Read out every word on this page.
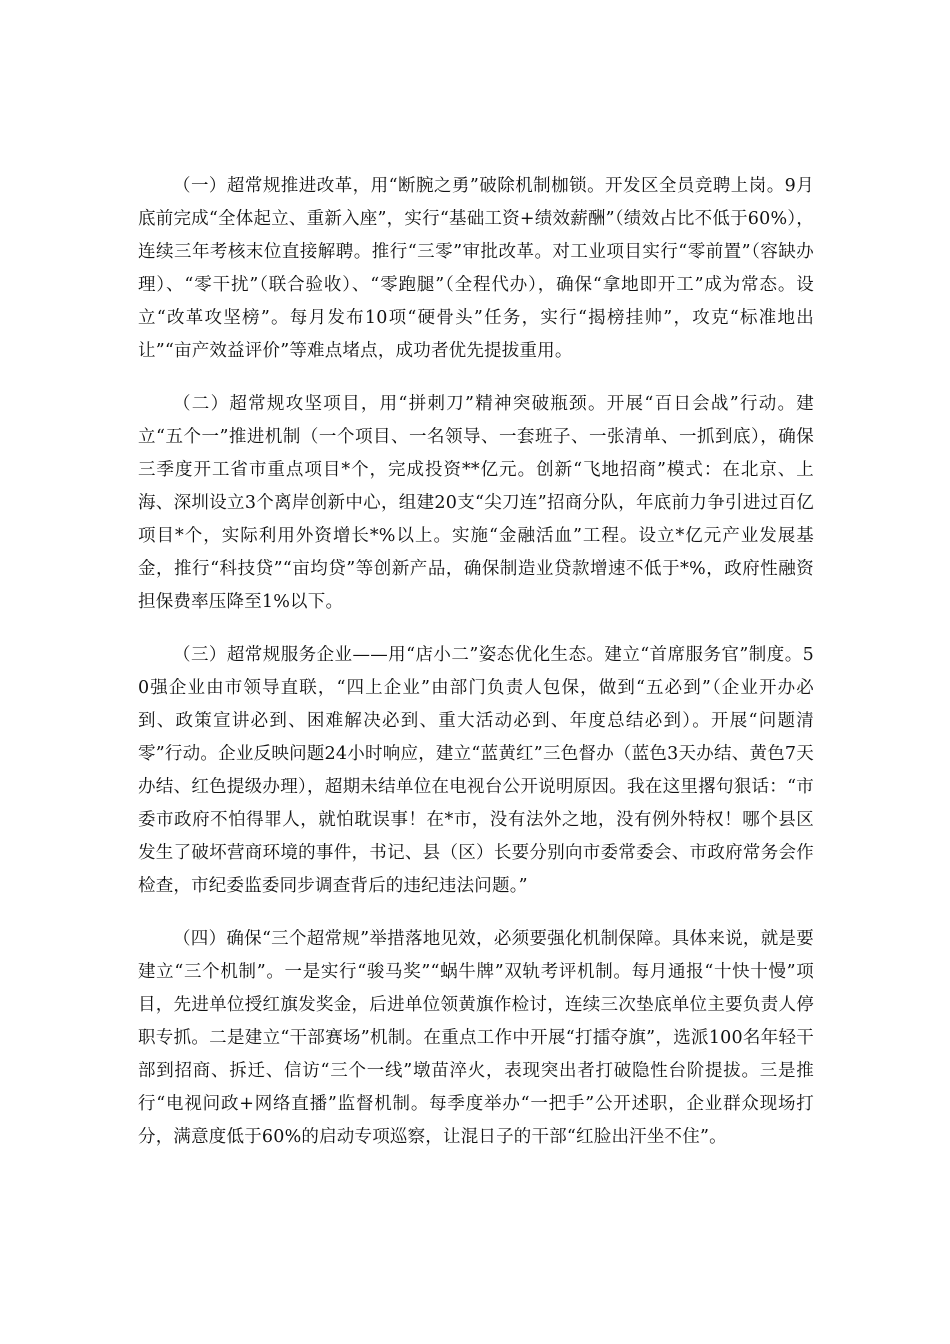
（一）超常规推进改革，用“断腕之勇”破除机制枷锁。开发区全员竞聘上岗。9月底前完成“全体起立、重新入座”，实行“基础工资+绩效薪酬”（绩效占比不低于60%），连续三年考核末位直接解聘。推行“三零”审批改革。对工业项目实行“零前置”（容缺办理）、“零干扰”（联合验收）、“零跑腿”（全程代办），确保“拿地即开工”成为常态。设立“改革攻坚榜”。每月发布10项“硬骨头”任务，实行“揭榜挂帅”，攻克“标准地出让”“亩产效益评价”等难点堵点，成功者优先提拔重用。

（二）超常规攻坚项目，用“拼刺刀”精神突破瓶颈。开展“百日会战”行动。建立“五个一”推进机制（一个项目、一名领导、一套班子、一张清单、一抓到底），确保三季度开工省市重点项目*个，完成投资**亿元。创新“飞地招商”模式：在北京、上海、深圳设立3个离岸创新中心，组建20支“尖刀连”招商分队，年底前力争引进过百亿项目*个，实际利用外资增长*%以上。实施“金融活血”工程。设立*亿元产业发展基金，推行“科技贷”“亩均贷”等创新产品，确保制造业贷款增速不低于*%，政府性融资担保费率压降至1%以下。

（三）超常规服务企业——用“店小二”姿态优化生态。建立“首席服务官”制度。50强企业由市领导直联，“四上企业”由部门负责人包保，做到“五必到”（企业开办必到、政策宣讲必到、困难解决必到、重大活动必到、年度总结必到）。开展“问题清零”行动。企业反映问题24小时响应，建立“蓝黄红”三色督办（蓝色3天办结、黄色7天办结、红色提级办理），超期未结单位在电视台公开说明原因。我在这里撂句狠话：“市委市政府不怕得罪人，就怕耽误事！在*市，没有法外之地，没有例外特权！哪个县区发生了破坏营商环境的事件，书记、县（区）长要分别向市委常委会、市政府常务会作检查，市纪委监委同步调查背后的违纪违法问题。”

（四）确保“三个超常规”举措落地见效，必须要强化机制保障。具体来说，就是要建立“三个机制”。一是实行“骏马奖”“蜗牛牌”双轨考评机制。每月通报“十快十慢”项目，先进单位授红旗发奖金，后进单位领黄旗作检讨，连续三次垫底单位主要负责人停职专抓。二是建立“干部赛场”机制。在重点工作中开展“打擂夺旗”，选派100名年轻干部到招商、拆迁、信访“三个一线”墩苗淬火，表现突出者打破隐性台阶提拔。三是推行“电视问政+网络直播”监督机制。每季度举办“一把手”公开述职，企业群众现场打分，满意度低于60%的启动专项巡察，让混日子的干部“红脸出汗坐不住”。
